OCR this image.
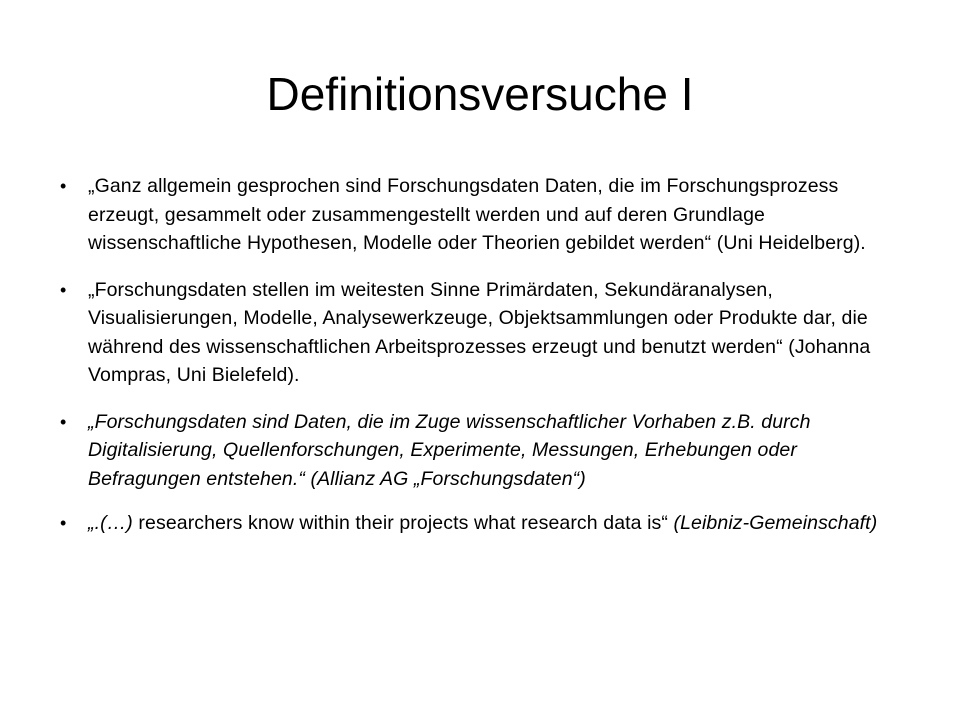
Definitionsversuche I
• „Ganz allgemein gesprochen sind Forschungsdaten Daten, die im Forschungsprozess erzeugt, gesammelt oder zusammengestellt werden und auf deren Grundlage wissenschaftliche Hypothesen, Modelle oder Theorien gebildet werden“ (Uni Heidelberg).
• „Forschungsdaten stellen im weitesten Sinne Primärdaten, Sekundäranalysen, Visualisierungen, Modelle, Analysewerkzeuge, Objektsammlungen oder Produkte dar, die während des wissenschaftlichen Arbeitsprozesses erzeugt und benutzt werden“ (Johanna Vompras, Uni Bielefeld).
• „Forschungsdaten sind Daten, die im Zuge wissenschaftlicher Vorhaben z.B. durch Digitalisierung, Quellenforschungen, Experimente, Messungen, Erhebungen oder Befragungen entstehen.“ (Allianz AG „Forschungsdaten“)
• „.(…) researchers know within their projects what research data is“ (Leibniz-Gemeinschaft)
